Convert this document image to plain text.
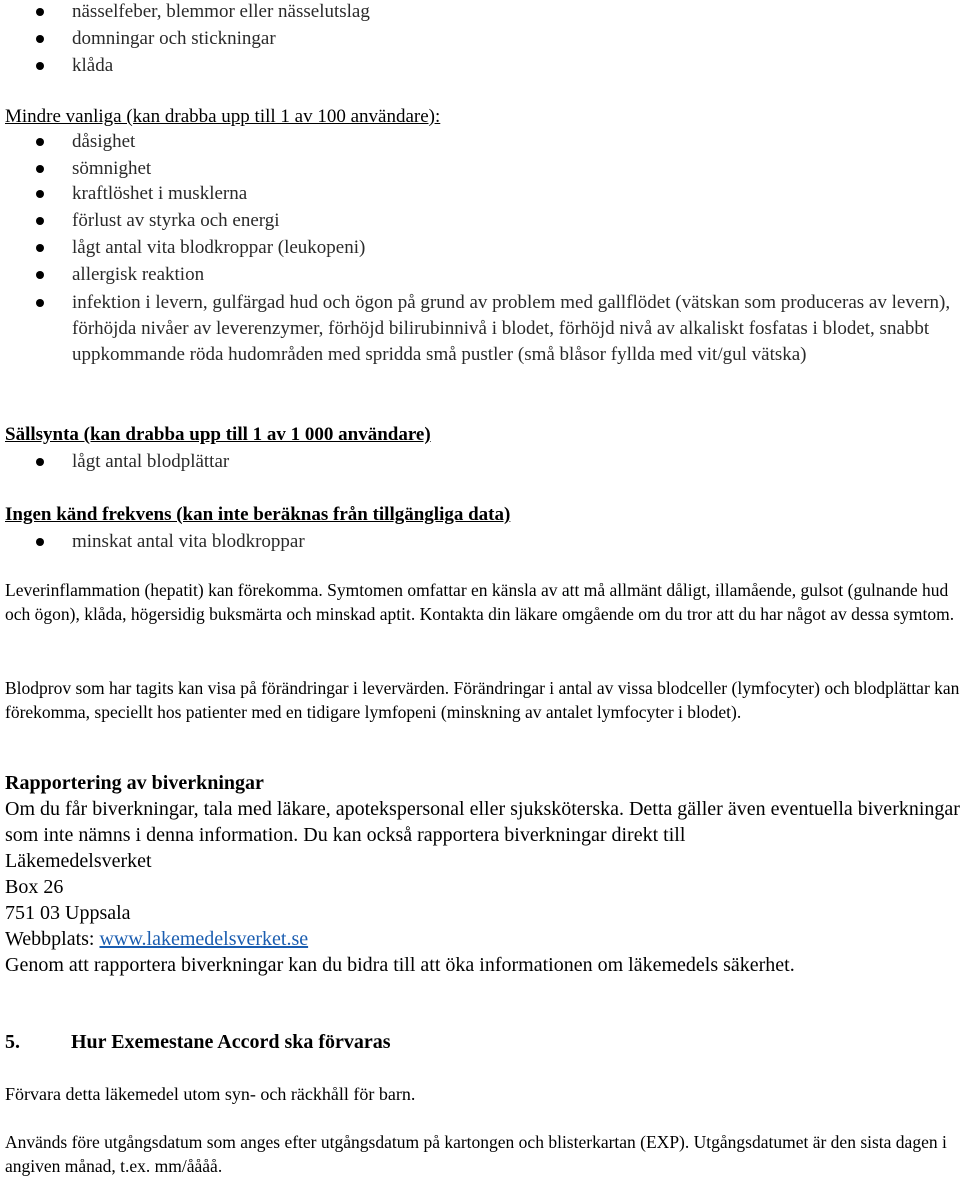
nässelfeber, blemmor eller nässelutslag
domningar och stickningar
klåda
Mindre vanliga (kan drabba upp till 1 av 100 användare):
dåsighet
sömnighet
kraftlöshet i musklerna
förlust av styrka och energi
lågt antal vita blodkroppar (leukopeni)
allergisk reaktion
infektion i levern, gulfärgad hud och ögon på grund av problem med gallflödet (vätskan som produceras av levern), förhöjda nivåer av leverenzymer, förhöjd bilirubinnivå i blodet, förhöjd nivå av alkaliskt fosfatas i blodet, snabbt uppkommande röda hudområden med spridda små pustler (små blåsor fyllda med vit/gul vätska)
Sällsynta (kan drabba upp till 1 av 1 000 användare)
lågt antal blodplättar
Ingen känd frekvens (kan inte beräknas från tillgängliga data)
minskat antal vita blodkroppar
Leverinflammation (hepatit) kan förekomma. Symtomen omfattar en känsla av att må allmänt dåligt, illamående, gulsot (gulnande hud och ögon), klåda, högersidig buksmärta och minskad aptit. Kontakta din läkare omgående om du tror att du har något av dessa symtom.
Blodprov som har tagits kan visa på förändringar i levervärden. Förändringar i antal av vissa blodceller (lymfocyter) och blodplättar kan förekomma, speciellt hos patienter med en tidigare lymfopeni (minskning av antalet lymfocyter i blodet).
Rapportering av biverkningar
Om du får biverkningar, tala med läkare, apotekspersonal eller sjuksköterska. Detta gäller även eventuella biverkningar som inte nämns i denna information. Du kan också rapportera biverkningar direkt till
Läkemedelsverket
Box 26
751 03 Uppsala
Webbplats: www.lakemedelsverket.se
Genom att rapportera biverkningar kan du bidra till att öka informationen om läkemedels säkerhet.
5.	Hur Exemestane Accord ska förvaras
Förvara detta läkemedel utom syn- och räckhåll för barn.
Används före utgångsdatum som anges efter utgångsdatum på kartongen och blisterkartan (EXP). Utgångsdatumet är den sista dagen i angiven månad, t.ex. mm/åååå.
